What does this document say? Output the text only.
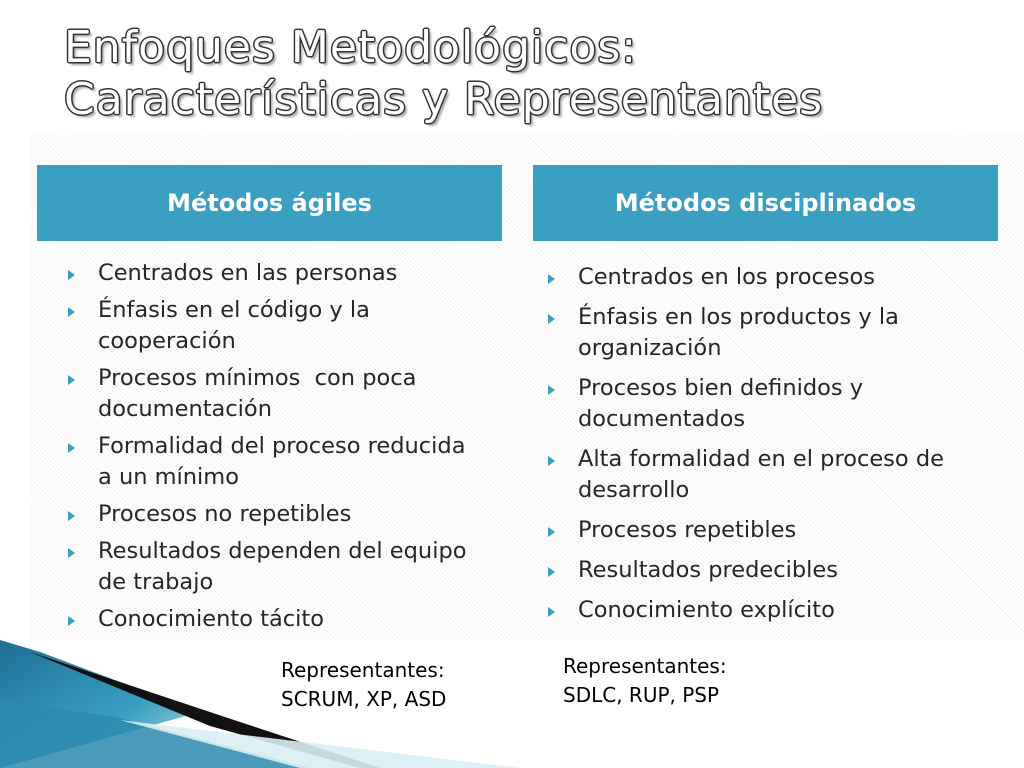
Enfoques Metodológicos:
Características y Representantes
Métodos ágiles	Métodos disciplinados
Centrados en las personas
Énfasis en el código y la cooperación
Procesos mínimos  con poca documentación
Formalidad del proceso reducida a un mínimo
Procesos no repetibles
Resultados dependen del equipo de trabajo
Conocimiento tácito
Centrados en los procesos
Énfasis en los productos y la organización
Procesos bien definidos y documentados
Alta formalidad en el proceso de desarrollo
Procesos repetibles
Resultados predecibles
Conocimiento explícito
Representantes:
SCRUM, XP, ASD
Representantes:
SDLC, RUP, PSP
